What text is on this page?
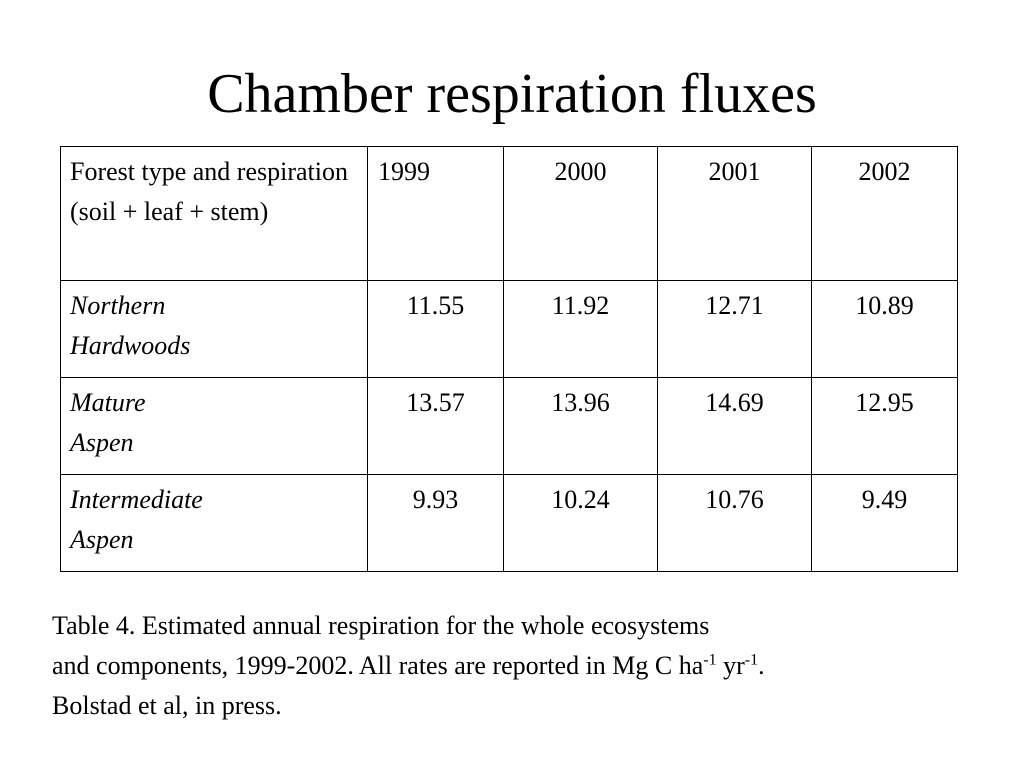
Chamber respiration fluxes
Forest type and respiration (soil + leaf + stem)	1999	2000	2001	2002
Northern
Hardwoods	11.55	11.92	12.71	10.89
Mature
Aspen	13.57	13.96	14.69	12.95
Intermediate
Aspen	9.93	10.24	10.76	9.49
Table 4. Estimated annual respiration for the whole ecosystems
and components, 1999-2002. All rates are reported in Mg C $ha^{-1}$ $yr^{-1}$.
Bolstad et al, in press.
